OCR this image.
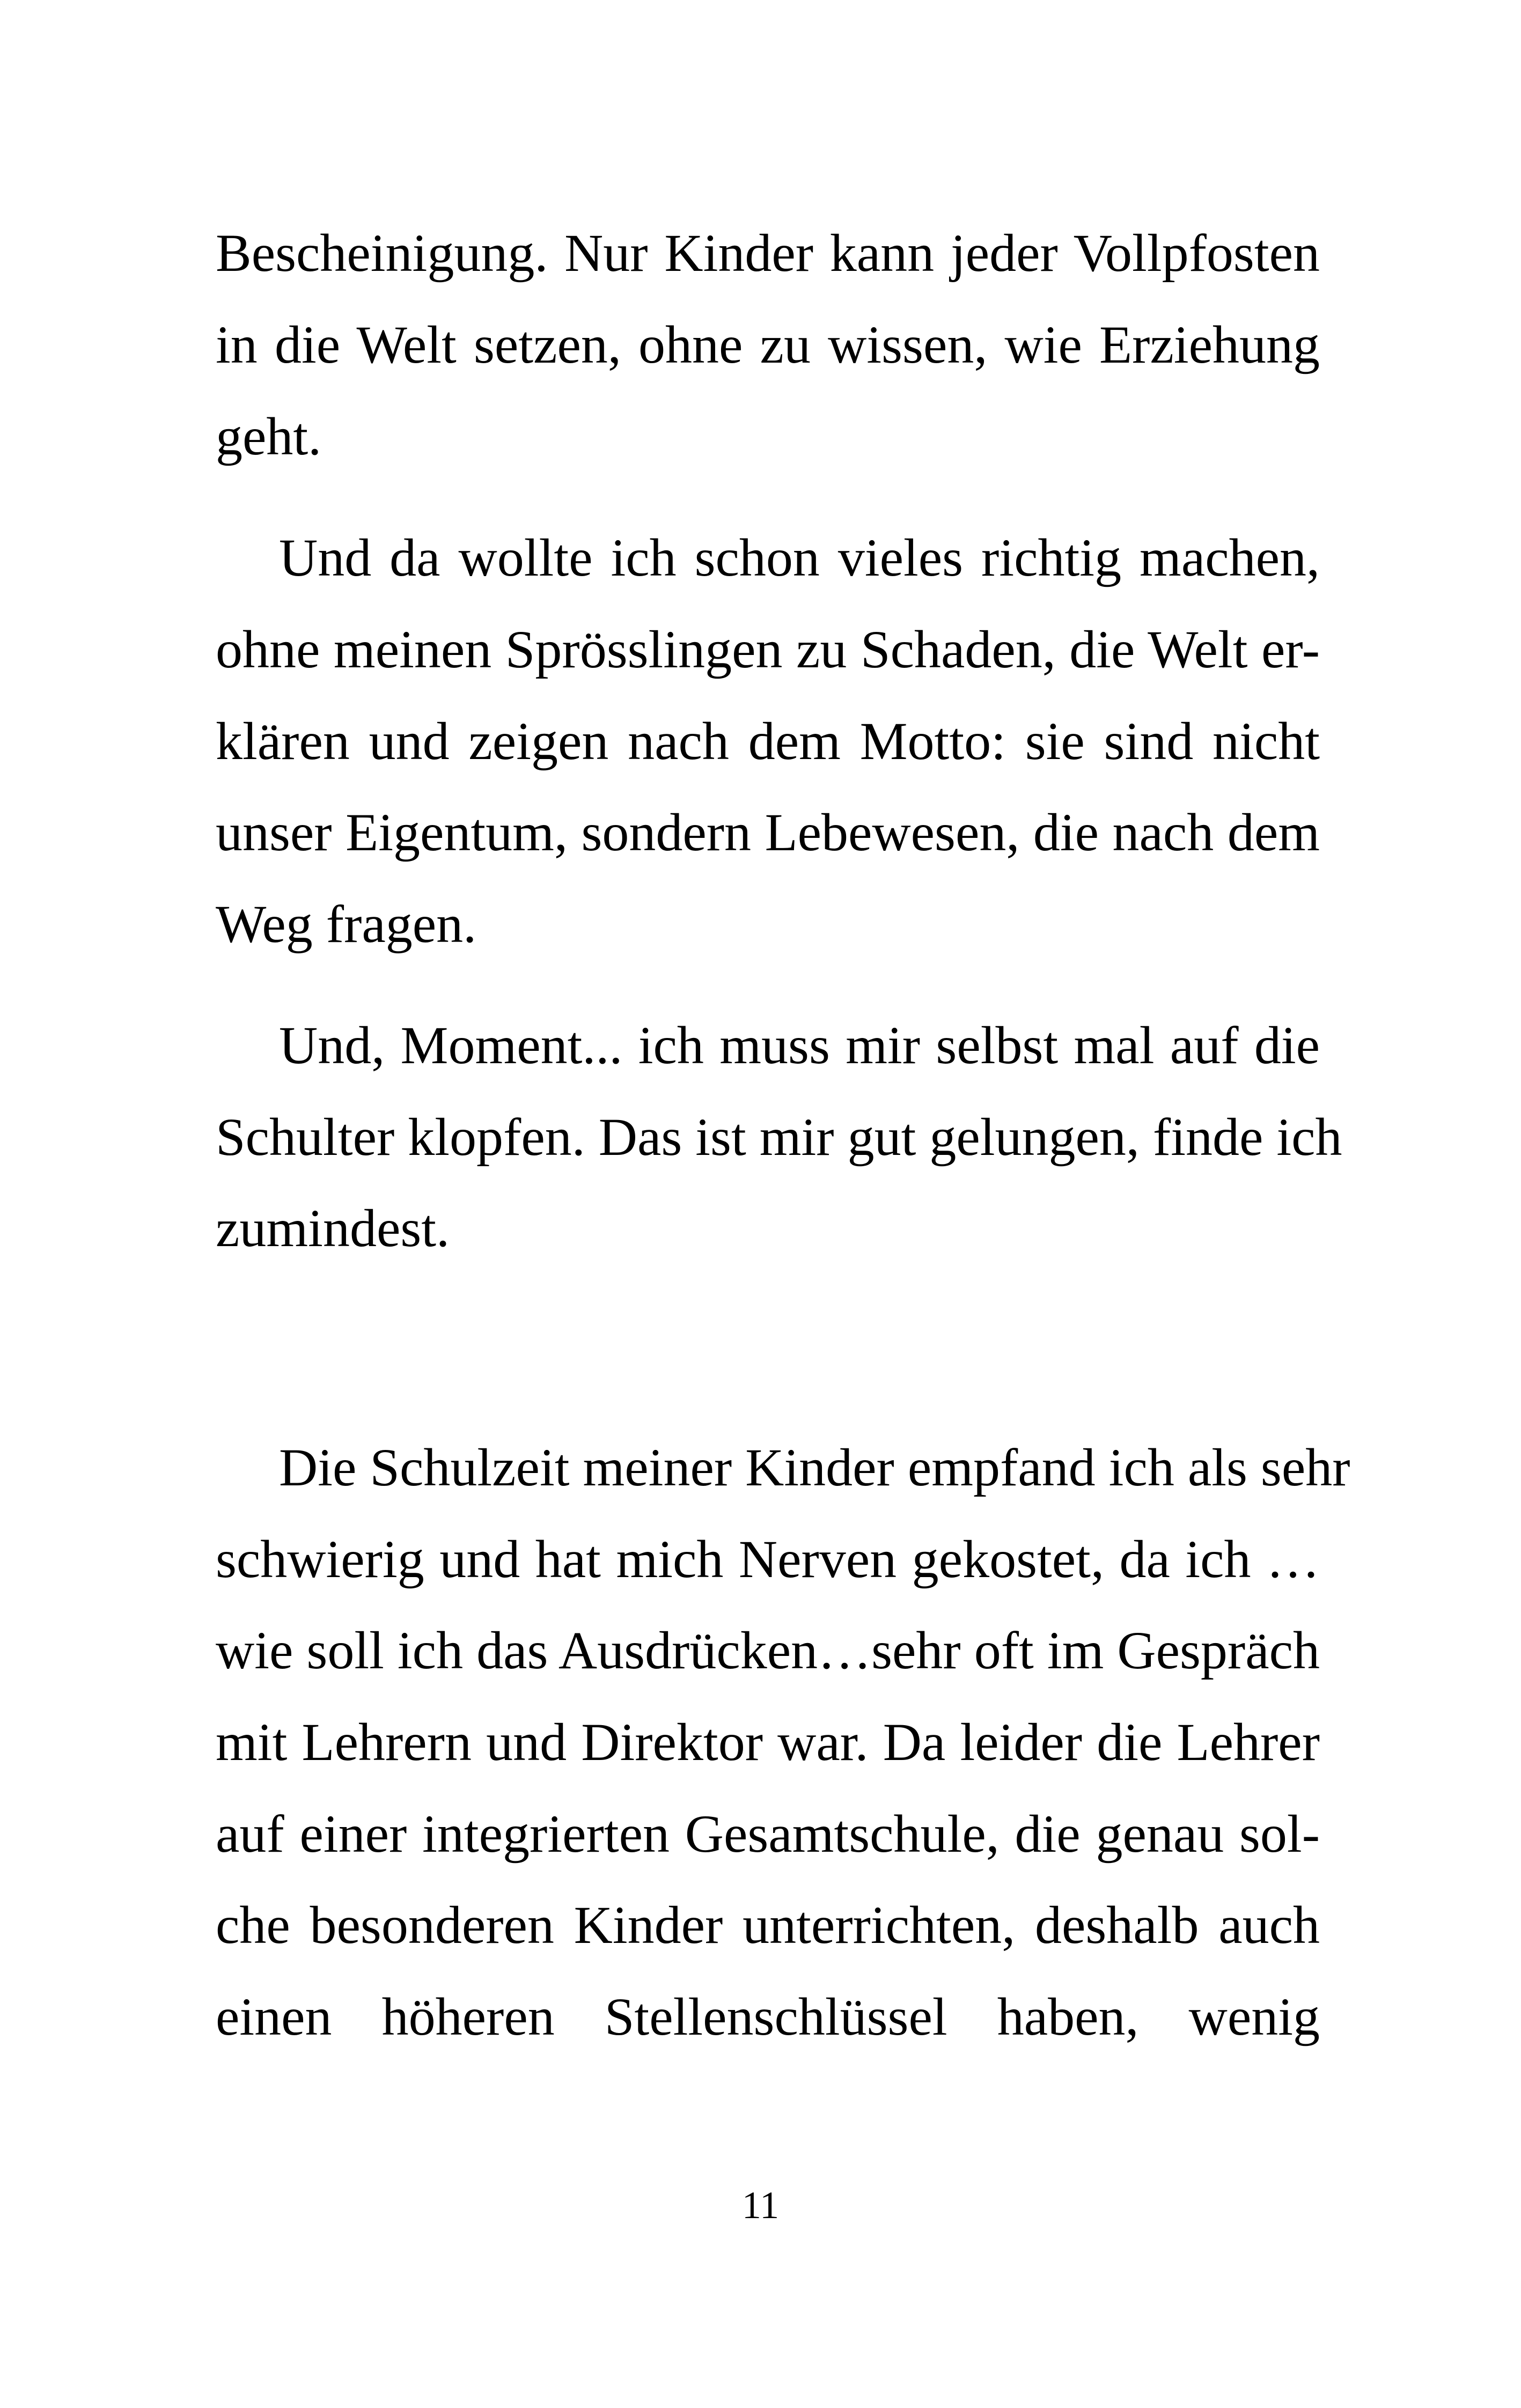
Bescheinigung. Nur Kinder kann jeder Vollpfosten
in die Welt setzen, ohne zu wissen, wie Erziehung
geht.
Und da wollte ich schon vieles richtig machen,
ohne meinen Sprösslingen zu Schaden, die Welt er-
klären und zeigen nach dem Motto: sie sind nicht
unser Eigentum, sondern Lebewesen, die nach dem
Weg fragen.
Und, Moment... ich muss mir selbst mal auf die
Schulter klopfen. Das ist mir gut gelungen, finde ich
zumindest.
Die Schulzeit meiner Kinder empfand ich als sehr
schwierig und hat mich Nerven gekostet, da ich …
wie soll ich das Ausdrücken…sehr oft im Gespräch
mit Lehrern und Direktor war. Da leider die Lehrer
auf einer integrierten Gesamtschule, die genau sol-
che besonderen Kinder unterrichten, deshalb auch
einen höheren Stellenschlüssel haben, wenig
11
